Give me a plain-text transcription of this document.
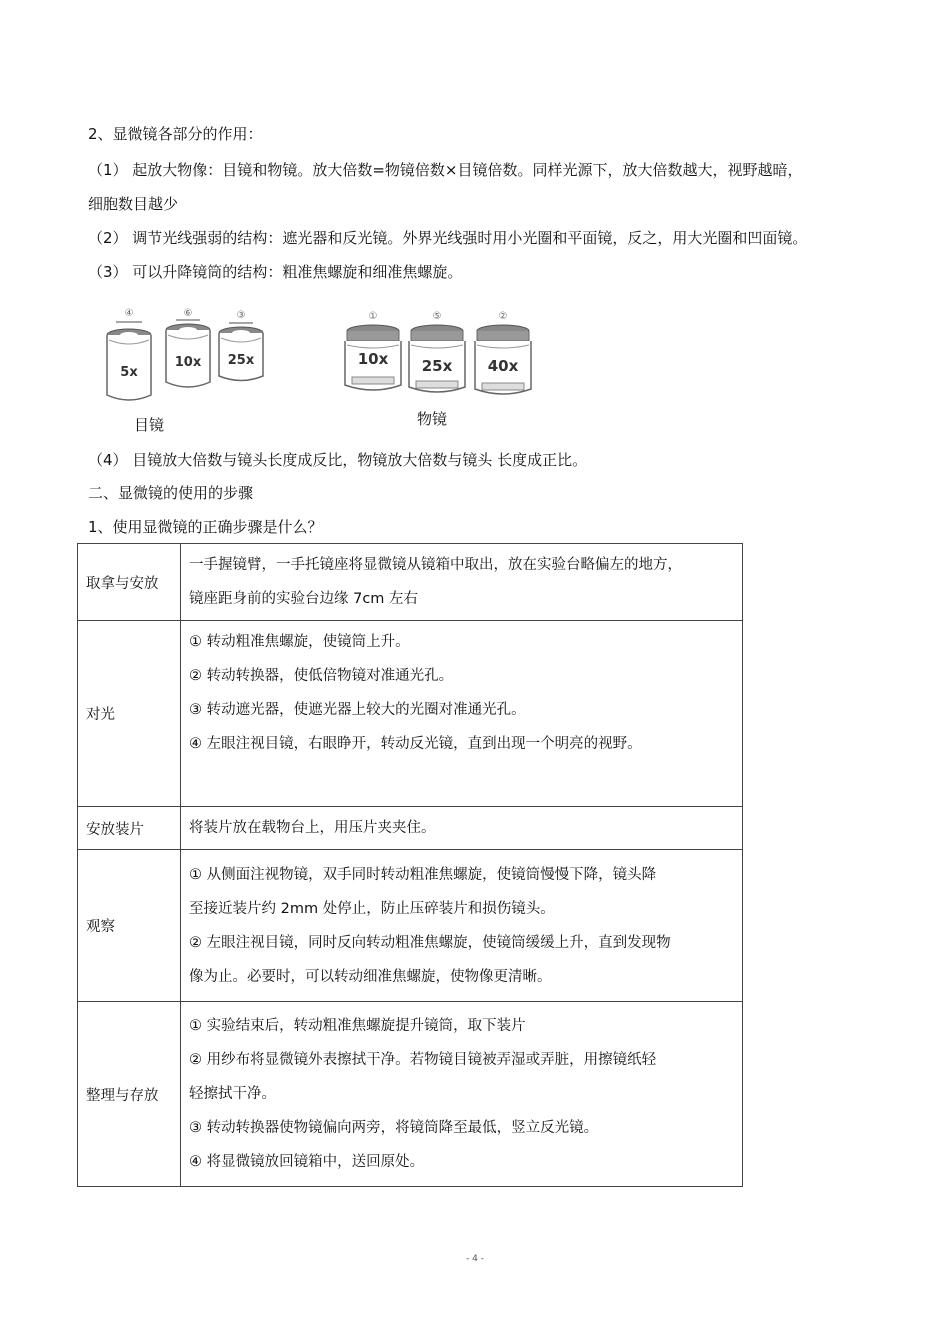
2、显微镜各部分的作用：
（1） 起放大物像：目镜和物镜。放大倍数=物镜倍数×目镜倍数。同样光源下，放大倍数越大，视野越暗，
细胞数目越少
（2） 调节光线强弱的结构：遮光器和反光镜。外界光线强时用小光圈和平面镜，反之，用大光圈和凹面镜。
（3） 可以升降镜筒的结构：粗准焦螺旋和细准焦螺旋。
④
5x
⑥
10x
③
25x
目镜
①
10x
⑤
25x
②
40x
物镜
（4） 目镜放大倍数与镜头长度成反比，物镜放大倍数与镜头 长度成正比。
二、显微镜的使用的步骤
1、使用显微镜的正确步骤是什么？
取拿与安放	一手握镜臂，一手托镜座将显微镜从镜箱中取出，放在实验台略偏左的地方，
镜座距身前的实验台边缘 7cm 左右

对光	① 转动粗准焦螺旋，使镜筒上升。
② 转动转换器，使低倍物镜对准通光孔。
③ 转动遮光器，使遮光器上较大的光圈对准通光孔。
④ 左眼注视目镜，右眼睁开，转动反光镜，直到出现一个明亮的视野。

安放装片	将装片放在载物台上，用压片夹夹住。

观察	① 从侧面注视物镜，双手同时转动粗准焦螺旋，使镜筒慢慢下降，镜头降
至接近装片约 2mm 处停止，防止压碎装片和损伤镜头。
② 左眼注视目镜，同时反向转动粗准焦螺旋，使镜筒缓缓上升，直到发现物
像为止。必要时，可以转动细准焦螺旋，使物像更清晰。

整理与存放	① 实验结束后，转动粗准焦螺旋提升镜筒，取下装片
② 用纱布将显微镜外表擦拭干净。若物镜目镜被弄湿或弄脏，用擦镜纸轻
轻擦拭干净。
③ 转动转换器使物镜偏向两旁，将镜筒降至最低，竖立反光镜。
④ 将显微镜放回镜箱中，送回原处。
- 4 -
